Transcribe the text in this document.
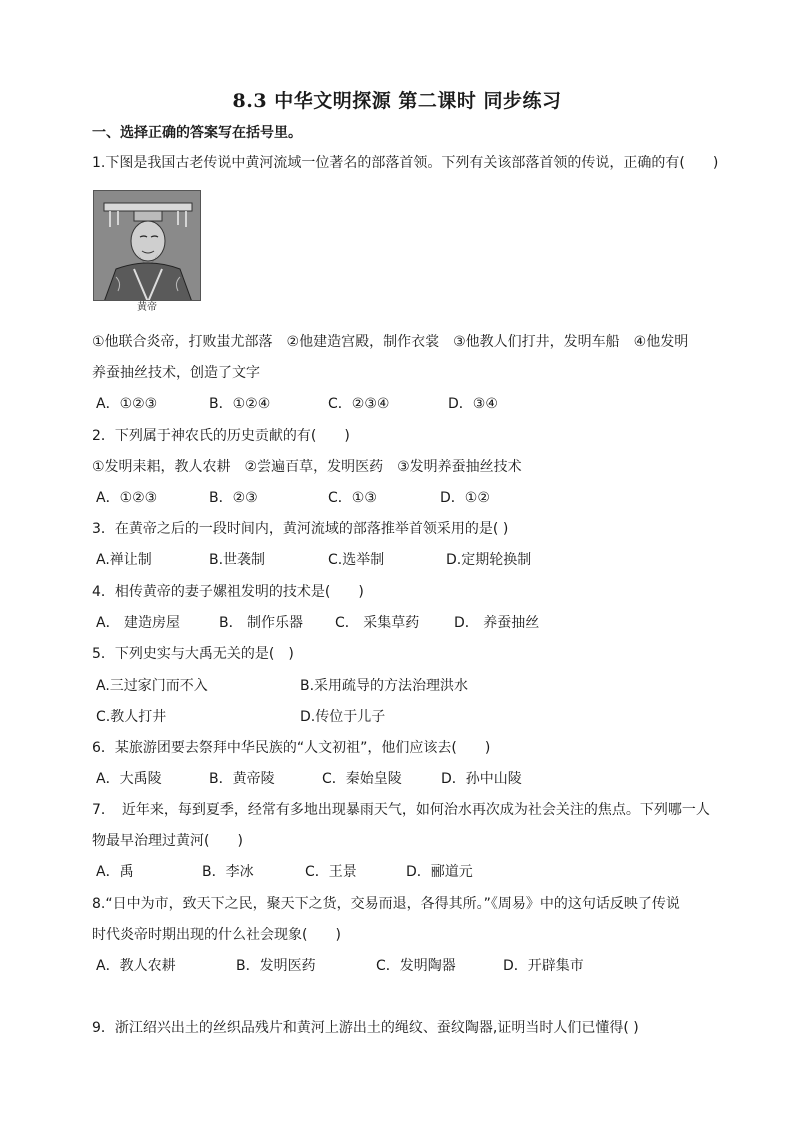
8.3 中华文明探源 第二课时 同步练习
一、选择正确的答案写在括号里。
1.下图是我国古老传说中黄河流域一位著名的部落首领。下列有关该部落首领的传说，正确的有(　　)
黄帝
①他联合炎帝，打败蚩尤部落　②他建造宫殿，制作衣裳　③他教人们打井，发明车船　④他发明
养蚕抽丝技术，创造了文字
A．①②③	B．①②④	C．②③④	D．③④
2．下列属于神农氏的历史贡献的有(　　)
①发明耒耜，教人农耕　②尝遍百草，发明医药　③发明养蚕抽丝技术
A．①②③	B．②③	C．①③	D．①②
3．在黄帝之后的一段时间内，黄河流域的部落推举首领采用的是( )
A.禅让制	B.世袭制	C.选举制	D.定期轮换制
4．相传黄帝的妻子嫘祖发明的技术是(　　)
A． 建造房屋	B． 制作乐器 C． 采集草药 D． 养蚕抽丝
5．下列史实与大禹无关的是(　)
A.三过家门而不入	B.采用疏导的方法治理洪水
C.教人打井	D.传位于儿子
6．某旅游团要去祭拜中华民族的“人文初祖”，他们应该去(　　)
A．大禹陵	B．黄帝陵	C．秦始皇陵	D．孙中山陵
7．　近年来，每到夏季，经常有多地出现暴雨天气，如何治水再次成为社会关注的焦点。下列哪一人
物最早治理过黄河(　　)
A．禹	B．李冰	C．王景	D．郦道元
8.“日中为市，致天下之民，聚天下之货，交易而退，各得其所。”《周易》中的这句话反映了传说
时代炎帝时期出现的什么社会现象(　　)
A．教人农耕	B．发明医药	C．发明陶器	D．开辟集市
9．浙江绍兴出土的丝织品残片和黄河上游出土的绳纹、蚕纹陶器,证明当时人们已懂得( )
